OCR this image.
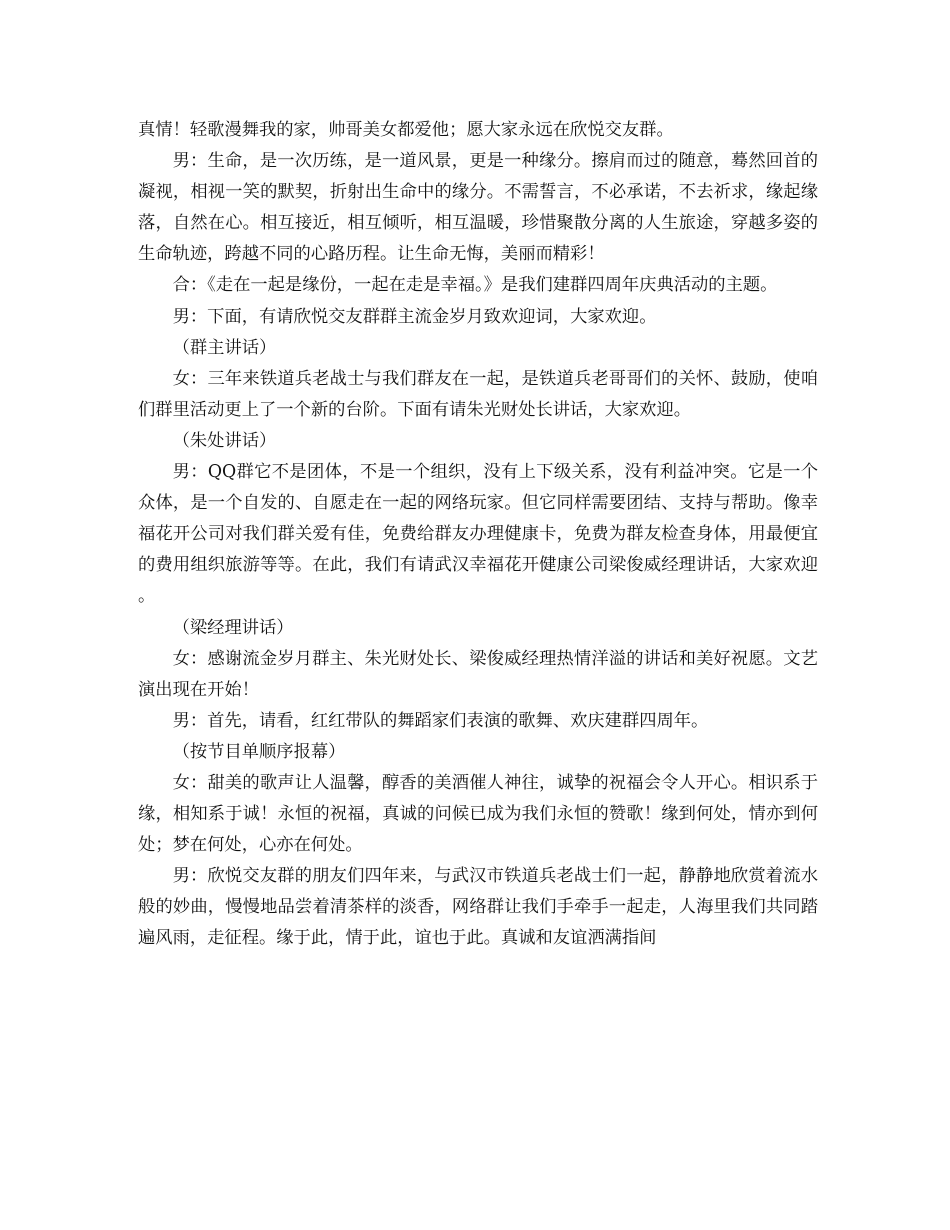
真情！轻歌漫舞我的家，帅哥美女都爱他；愿大家永远在欣悦交友群。

男：生命，是一次历练，是一道风景，更是一种缘分。擦肩而过的随意，蓦然回首的凝视，相视一笑的默契，折射出生命中的缘分。不需誓言，不必承诺，不去祈求，缘起缘落，自然在心。相互接近，相互倾听，相互温暖，珍惜聚散分离的人生旅途，穿越多姿的生命轨迹，跨越不同的心路历程。让生命无悔，美丽而精彩！

合：《走在一起是缘份，一起在走是幸福。》是我们建群四周年庆典活动的主题。

男：下面，有请欣悦交友群群主流金岁月致欢迎词，大家欢迎。

（群主讲话）

女：三年来铁道兵老战士与我们群友在一起，是铁道兵老哥哥们的关怀、鼓励，使咱们群里活动更上了一个新的台阶。下面有请朱光财处长讲话，大家欢迎。

（朱处讲话）

男：QQ群它不是团体，不是一个组织，没有上下级关系，没有利益冲突。它是一个众体，是一个自发的、自愿走在一起的网络玩家。但它同样需要团结、支持与帮助。像幸福花开公司对我们群关爱有佳，免费给群友办理健康卡，免费为群友检查身体，用最便宜的费用组织旅游等等。在此，我们有请武汉幸福花开健康公司梁俊威经理讲话，大家欢迎。

（梁经理讲话）

女：感谢流金岁月群主、朱光财处长、梁俊威经理热情洋溢的讲话和美好祝愿。文艺演出现在开始！

男：首先，请看，红红带队的舞蹈家们表演的歌舞、欢庆建群四周年。

（按节目单顺序报幕）

女：甜美的歌声让人温馨，醇香的美酒催人神往，诚挚的祝福会令人开心。相识系于缘，相知系于诚！永恒的祝福，真诚的问候已成为我们永恒的赞歌！缘到何处，情亦到何处；梦在何处，心亦在何处。

男：欣悦交友群的朋友们四年来，与武汉市铁道兵老战士们一起，静静地欣赏着流水般的妙曲，慢慢地品尝着清茶样的淡香，网络群让我们手牵手一起走，人海里我们共同踏遍风雨，走征程。缘于此，情于此，谊也于此。真诚和友谊洒满指间
